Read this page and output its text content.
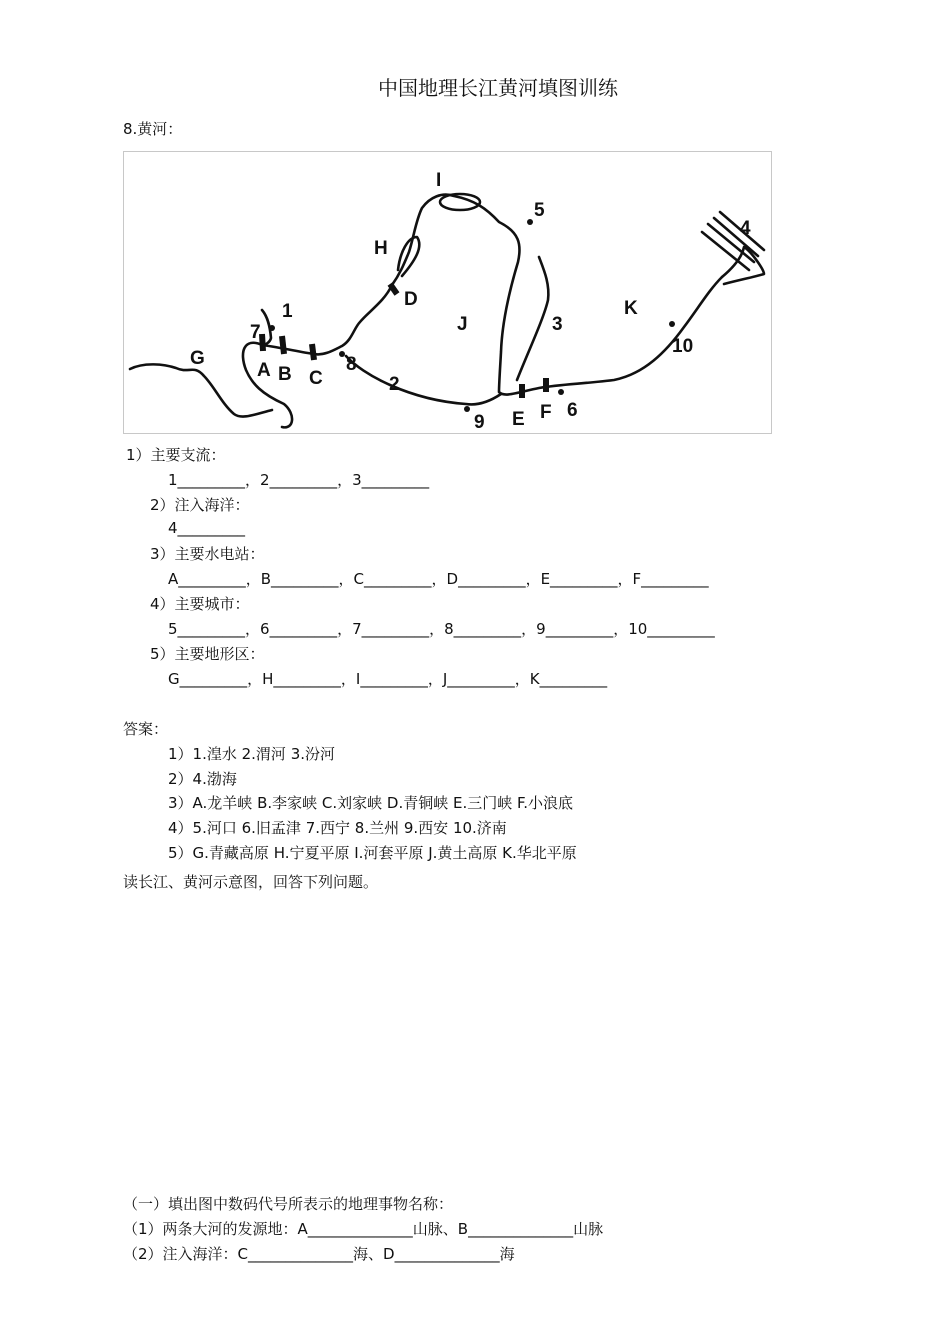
中国地理长江黄河填图训练
8.黄河：
I
5
H
D
J	3
K
4
10
1
7
G
A B C
8
2
9 E F 6
1）主要支流：
1_________，2_________，3_________
2）注入海洋：
4_________
3）主要水电站：
A_________，B_________，C_________，D_________，E_________，F_________
4）主要城市：
5_________，6_________，7_________，8_________，9_________，10_________
5）主要地形区：
G_________，H_________，I_________，J_________，K_________
答案：
1）1.湟水 2.渭河 3.汾河
2）4.渤海
3）A.龙羊峡 B.李家峡 C.刘家峡 D.青铜峡 E.三门峡 F.小浪底
4）5.河口 6.旧孟津 7.西宁 8.兰州 9.西安 10.济南
5）G.青藏高原 H.宁夏平原 I.河套平原 J.黄土高原 K.华北平原
读长江、黄河示意图，回答下列问题。
（一）填出图中数码代号所表示的地理事物名称：
（1）两条大河的发源地：A______________山脉、B______________山脉
（2）注入海洋：C______________海、D______________海
